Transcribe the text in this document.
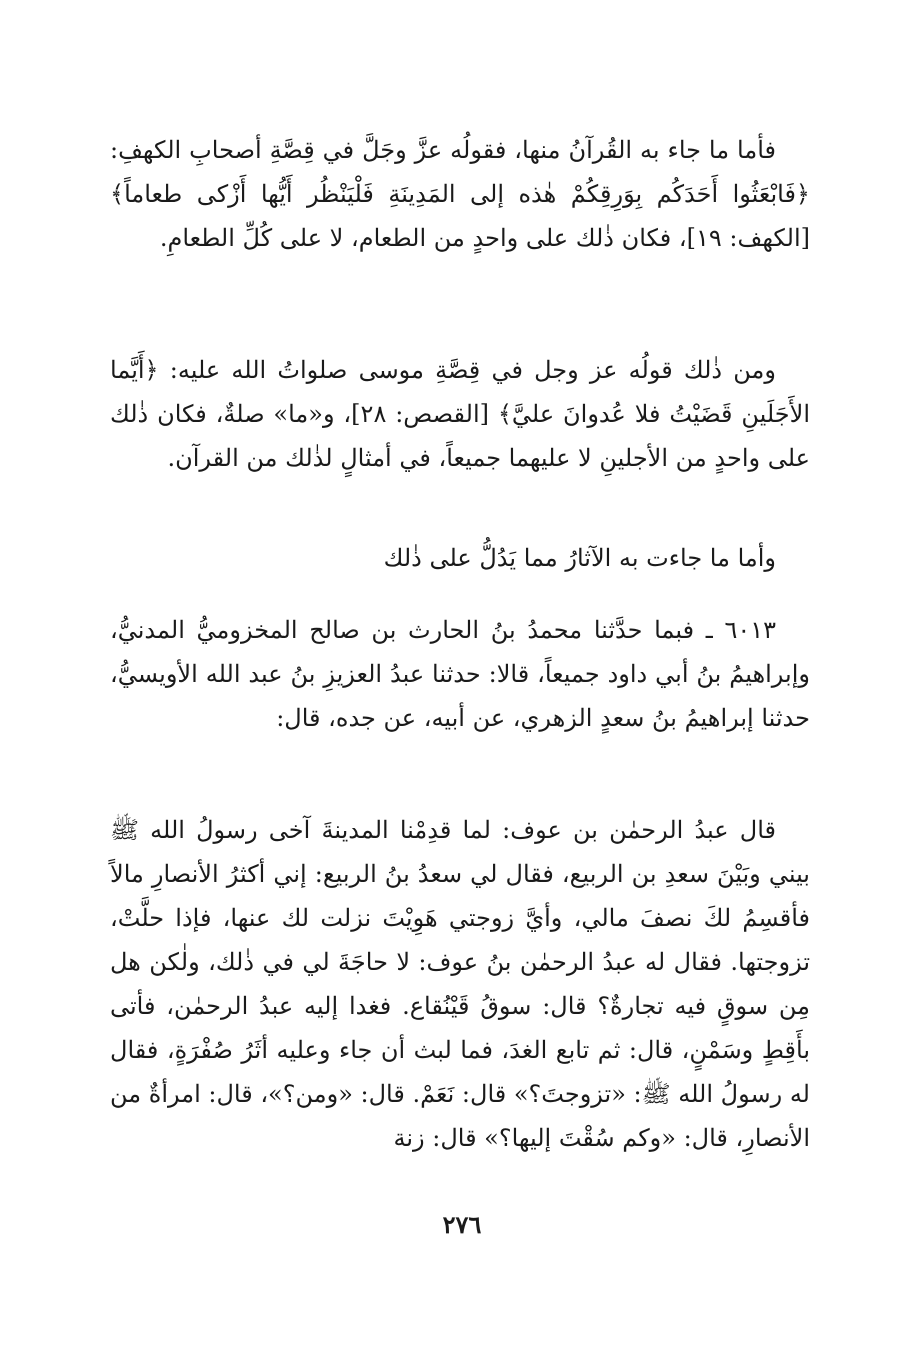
فأما ما جاء به القُرآنُ منها، فقولُه عزَّ وجَلَّ في قِصَّةِ أصحابِ الكهفِ: ﴿فَابْعَثُوا أَحَدَكُم بِوَرِقِكُمْ هٰذه إلى المَدِينَةِ فَلْيَنْظُر أَيُّها أَزْكى طعاماً﴾ [الكهف: ١٩]، فكان ذٰلك على واحدٍ من الطعام، لا على كُلِّ الطعامِ.

ومن ذٰلك قولُه عز وجل في قِصَّةِ موسى صلواتُ الله عليه: ﴿أَيَّما الأَجَلَينِ قَضَيْتُ فلا عُدوانَ عليَّ﴾ [القصص: ٢٨]، و«ما» صلةٌ، فكان ذٰلك على واحدٍ من الأجلينِ لا عليهما جميعاً، في أمثالٍ لذٰلك من القرآن.

وأما ما جاءت به الآثارُ مما يَدُلُّ على ذٰلك

٦٠١٣ ـ فبما حدَّثنا محمدُ بنُ الحارث بن صالح المخزوميُّ المدنيُّ، وإبراهيمُ بنُ أبي داود جميعاً، قالا: حدثنا عبدُ العزيزِ بنُ عبد الله الأويسيُّ، حدثنا إبراهيمُ بنُ سعدٍ الزهري، عن أبيه، عن جده، قال:

قال عبدُ الرحمٰن بن عوف: لما قدِمْنا المدينةَ آخى رسولُ الله ﷺ بيني وبَيْنَ سعدِ بن الربيع، فقال لي سعدُ بنُ الربيع: إني أكثرُ الأنصارِ مالاً فأقسِمُ لكَ نصفَ مالي، وأيَّ زوجتي هَوِيْتَ نزلت لك عنها، فإذا حلَّتْ، تزوجتها. فقال له عبدُ الرحمٰن بنُ عوف: لا حاجَةَ لي في ذٰلك، ولٰكن هل مِن سوقٍ فيه تجارةٌ؟ قال: سوقُ قَيْنُقاع. فغدا إليه عبدُ الرحمٰن، فأتى بأَقِطٍ وسَمْنٍ، قال: ثم تابع الغدَ، فما لبث أن جاء وعليه أثَرُ صُفْرَةٍ، فقال له رسولُ الله ﷺ: «تزوجتَ؟» قال: نَعَمْ. قال: «ومن؟»، قال: امرأةٌ من الأنصارِ، قال: «وكم سُقْتَ إليها؟» قال: زنة

٢٧٦
